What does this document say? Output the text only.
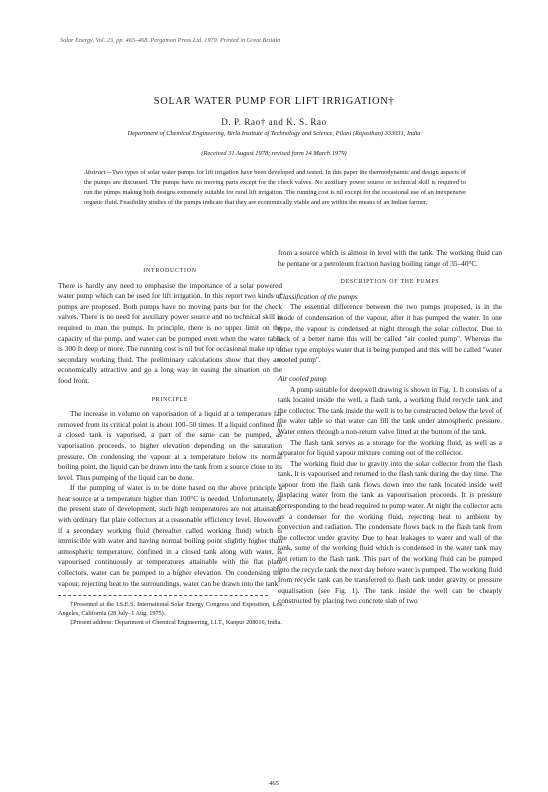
Solar Energy, Vol. 23, pp. 465–468. Pergamon Press Ltd. 1979. Printed in Great Britain
SOLAR WATER PUMP FOR LIFT IRRIGATION†
D. P. Rao† and K. S. Rao
Department of Chemical Engineering, Birla Institute of Technology and Science, Pilani (Rajasthan) 333031, India
(Received 31 August 1978; revised form 14 March 1979)
Abstract—Two types of solar water pumps for lift irrigation have been developed and tested. In this paper the thermodynamic and design aspects of the pumps are discussed. The pumps have no moving parts except for the check valves. No auxiliary power source or technical skill is required to run the pumps making both designs extremely suitable for rural lift irrigation. The running cost is nil except for the occasional use of an inexpensive organic fluid. Feasibility studies of the pumps indicate that they are economically viable and are within the means of an Indian farmer.
INTRODUCTION

There is hardly any need to emphasise the importance of a solar powered water pump which can be used for lift irrigation. In this report two kinds of pumps are proposed. Both pumps have no moving parts but for the check valves. There is no need for auxiliary power source and no technical skill is required to man the pumps. In principle, there is no upper limit on the capacity of the pump, and water can be pumped even when the water table is 300 ft deep or more. The running cost is nil but for occasional make up of secondary working fluid. The preliminary calculations show that they are economically attractive and go a long way in easing the situation on the food front.

PRINCIPLE

The increase in volume on vaporisation of a liquid at a temperature far removed from its critical point is about 100–50 times. If a liquid confined in a closed tank is vaporised, a part of the same can be pumped, as vaporisation proceeds, to higher elevation depending on the saturation pressure. On condensing the vapour at a temperature below its normal boiling point, the liquid can be drawn into the tank from a source close to its level. Thus pumping of the liquid can be done.

If the pumping of water is to be done based on the above principle a heat source at a temperature higher than 100°C is needed. Unfortunately, at the present state of development, such high temperatures are not attainable with ordinary flat plate collectors at a reasonable efficiency level. However, if a secondary working fluid (hereafter called working fluid) which is immiscible with water and having normal boiling point slightly higher than atmospheric temperature, confined in a closed tank along with water, is vapourised continuously at temperatures attainable with the flat plate collectors, water can be pumped to a higher elevation. On condensing the vapour, rejecting heat to the surroundings, water can be drawn into the tank

†Presented at the I.S.E.S. International Solar Energy Congress and Exposition, Los Angeles, California (28 July–1 Aug. 1975).

‡Present address: Department of Chemical Engineering, I.I.T., Kanpur 208016, India.

from a source which is almost in level with the tank. The working fluid can be pentane or a petroleum fraction having boiling range of 35–40°C.

DESCRIPTION OF THE PUMPS
Classification of the pumps

The essential difference between the two pumps proposed, is in the mode of condensation of the vapour, after it has pumped the water. In one type, the vapour is condensed at night through the solar collector. Due to lack of a better name this will be called "air cooled pump". Whereas the other type employs water that is being pumped and this will be called "water cooled pump".

Air cooled pump

A pump suitable for deepwell drawing is shown in Fig. 1. It consists of a tank located inside the well, a flash tank, a working fluid recycle tank and the collector. The tank inside the well is to be constructed below the level of the water table so that water can fill the tank under atmospheric pressure. Water enters through a non-return valve fitted at the bottom of the tank.

The flash tank serves as a storage for the working fluid, as well as a separator for liquid vapour mixture coming out of the collector.

The working fluid due to gravity into the solar collector from the flash tank. It is vapourised and returned to the flash tank during the day time. The vapour from the flash tank flows down into the tank located inside well displacing water from the tank as vapourisation proceeds. It is pressure corresponding to the head required to pump water. At night the collector acts as a condenser for the working fluid, rejecting heat to ambient by convection and radiation. The condensate flows back to the flash tank from the collector under gravity. Due to heat leakages to water and wall of the tank, some of the working fluid which is condensed in the water tank may not return to the flash tank. This part of the working fluid can be pumped into the recycle tank the next day before water is pumped. The working fluid from recycle tank can be transferred to flash tank under gravity or pressure equalisation (see Fig. 1). The tank inside the well can be cheaply constructed by placing two concrete slab of two

465
